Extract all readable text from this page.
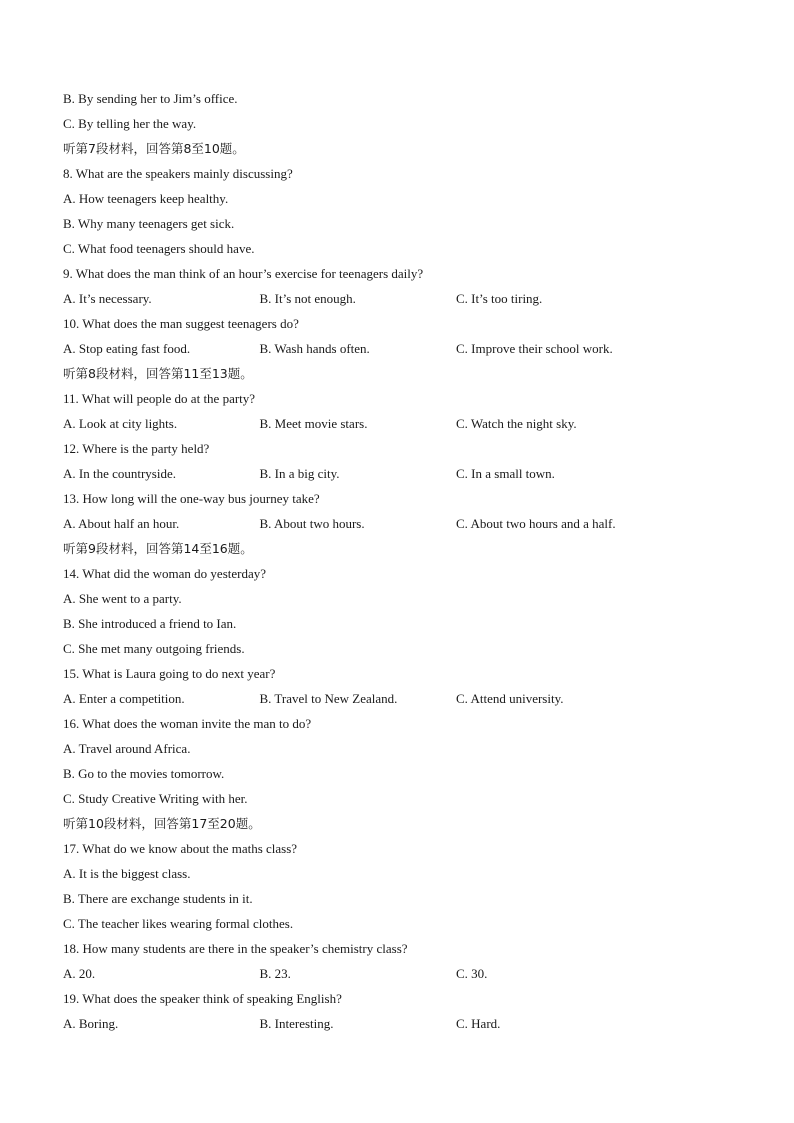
B. By sending her to Jim’s office.
C. By telling her the way.
听第7段材料，回答第8至10题。
8. What are the speakers mainly discussing?
A. How teenagers keep healthy.
B. Why many teenagers get sick.
C. What food teenagers should have.
9. What does the man think of an hour’s exercise for teenagers daily?
A. It’s necessary.	B. It’s not enough.	C. It’s too tiring.
10. What does the man suggest teenagers do?
A. Stop eating fast food.	B. Wash hands often.	C. Improve their school work.
听第8段材料，回答第11至13题。
11. What will people do at the party?
A. Look at city lights.	B. Meet movie stars.	C. Watch the night sky.
12. Where is the party held?
A. In the countryside.	B. In a big city.	C. In a small town.
13. How long will the one-way bus journey take?
A. About half an hour.	B. About two hours.	C. About two hours and a half.
听第9段材料，回答第14至16题。
14. What did the woman do yesterday?
A. She went to a party.
B. She introduced a friend to Ian.
C. She met many outgoing friends.
15. What is Laura going to do next year?
A. Enter a competition.	B. Travel to New Zealand.	C. Attend university.
16. What does the woman invite the man to do?
A. Travel around Africa.
B. Go to the movies tomorrow.
C. Study Creative Writing with her.
听第10段材料，回答第17至20题。
17. What do we know about the maths class?
A. It is the biggest class.
B. There are exchange students in it.
C. The teacher likes wearing formal clothes.
18. How many students are there in the speaker’s chemistry class?
A. 20.	B. 23.	C. 30.
19. What does the speaker think of speaking English?
A. Boring.	B. Interesting.	C. Hard.
